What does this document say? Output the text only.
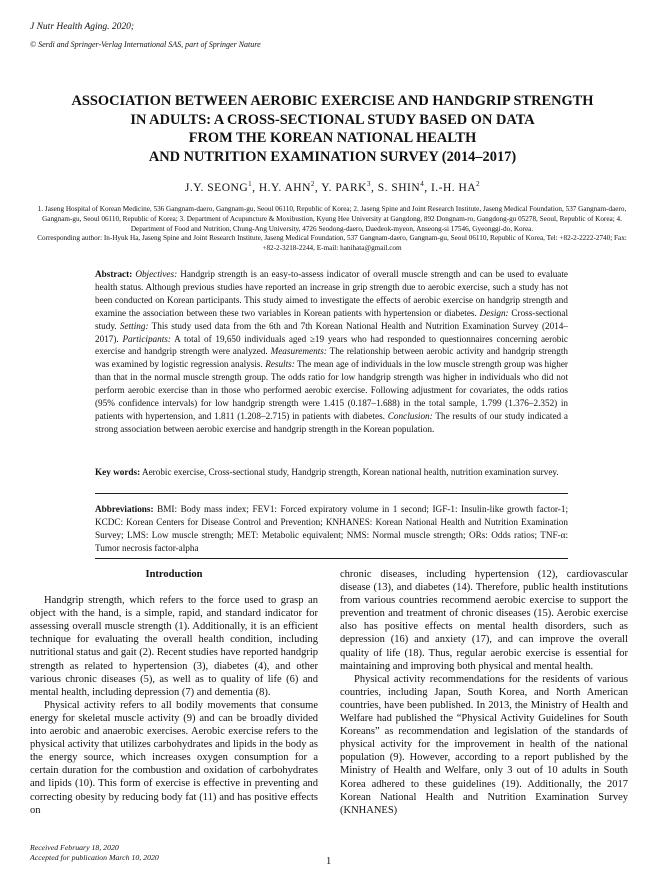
J Nutr Health Aging. 2020;
© Serdi and Springer-Verlag International SAS, part of Springer Nature
ASSOCIATION BETWEEN AEROBIC EXERCISE AND HANDGRIP STRENGTH
IN ADULTS: A CROSS-SECTIONAL STUDY BASED ON DATA
FROM THE KOREAN NATIONAL HEALTH
AND NUTRITION EXAMINATION SURVEY (2014–2017)
J.Y. SEONG$^1$, H.Y. AHN$^2$, Y. PARK$^3$, S. SHIN$^4$, I.-H. $HA^2$
1. Jaseng Hospital of Korean Medicine, 536 Gangnam-daero, Gangnam-gu, Seoul 06110, Republic of Korea; 2. Jaseng Spine and Joint Research Institute, Jaseng Medical Foundation, 537 Gangnam-daero, Gangnam-gu, Seoul 06110, Republic of Korea; 3. Department of Acupuncture & Moxibustion, Kyung Hee University at Gangdong, 892 Dongnam-ro, Gangdong-gu 05278, Seoul, Republic of Korea; 4. Department of Food and Nutrition, Chung-Ang University, 4726 Seodong-daero, Daedeok-myeon, Anseong-si 17546, Gyeonggi-do, Korea.
Corresponding author: In-Hyuk Ha, Jaseng Spine and Joint Research Institute, Jaseng Medical Foundation, 537 Gangnam-daero, Gangnam-gu, Seoul 06110, Republic of Korea, Tel: +82-2-2222-2740; Fax: +82-2-3218-2244, E-mail: hanihata@gmail.com
Abstract: Objectives: Handgrip strength is an easy-to-assess indicator of overall muscle strength and can be used to evaluate health status. Although previous studies have reported an increase in grip strength due to aerobic exercise, such a study has not been conducted on Korean participants. This study aimed to investigate the effects of aerobic exercise on handgrip strength and examine the association between these two variables in Korean patients with hypertension or diabetes. Design: Cross-sectional study. Setting: This study used data from the 6th and 7th Korean National Health and Nutrition Examination Survey (2014–2017). Participants: A total of 19,650 individuals aged ≥19 years who had responded to questionnaires concerning aerobic exercise and handgrip strength were analyzed. Measurements: The relationship between aerobic activity and handgrip strength was examined by logistic regression analysis. Results: The mean age of individuals in the low muscle strength group was higher than that in the normal muscle strength group. The odds ratio for low handgrip strength was higher in individuals who did not perform aerobic exercise than in those who performed aerobic exercise. Following adjustment for covariates, the odds ratios (95% confidence intervals) for low handgrip strength were 1.415 (0.187–1.688) in the total sample, 1.799 (1.376–2.352) in patients with hypertension, and 1.811 (1.208–2.715) in patients with diabetes. Conclusion: The results of our study indicated a strong association between aerobic exercise and handgrip strength in the Korean population.
Key words: Aerobic exercise, Cross-sectional study, Handgrip strength, Korean national health, nutrition examination survey.
Abbreviations: BMI: Body mass index; FEV1: Forced expiratory volume in 1 second; IGF-1: Insulin-like growth factor-1; KCDC: Korean Centers for Disease Control and Prevention; KNHANES: Korean National Health and Nutrition Examination Survey; LMS: Low muscle strength; MET: Metabolic equivalent; NMS: Normal muscle strength; ORs: Odds ratios; TNF-α: Tumor necrosis factor-alpha
Introduction

Handgrip strength, which refers to the force used to grasp an object with the hand, is a simple, rapid, and standard indicator for assessing overall muscle strength (1). Additionally, it is an efficient technique for evaluating the overall health condition, including nutritional status and gait (2). Recent studies have reported handgrip strength as related to hypertension (3), diabetes (4), and other various chronic diseases (5), as well as to quality of life (6) and mental health, including depression (7) and dementia (8).

Physical activity refers to all bodily movements that consume energy for skeletal muscle activity (9) and can be broadly divided into aerobic and anaerobic exercises. Aerobic exercise refers to the physical activity that utilizes carbohydrates and lipids in the body as the energy source, which increases oxygen consumption for a certain duration for the combustion and oxidation of carbohydrates and lipids (10). This form of exercise is effective in preventing and correcting obesity by reducing body fat (11) and has positive effects on

chronic diseases, including hypertension (12), cardiovascular disease (13), and diabetes (14). Therefore, public health institutions from various countries recommend aerobic exercise to support the prevention and treatment of chronic diseases (15). Aerobic exercise also has positive effects on mental health disorders, such as depression (16) and anxiety (17), and can improve the overall quality of life (18). Thus, regular aerobic exercise is essential for maintaining and improving both physical and mental health.

Physical activity recommendations for the residents of various countries, including Japan, South Korea, and North American countries, have been published. In 2013, the Ministry of Health and Welfare had published the “Physical Activity Guidelines for South Koreans” as recommendation and legislation of the standards of physical activity for the improvement in health of the national population (9). However, according to a report published by the Ministry of Health and Welfare, only 3 out of 10 adults in South Korea adhered to these guidelines (19). Additionally, the 2017 Korean National Health and Nutrition Examination Survey (KNHANES)

Received February 18, 2020
Accepted for publication March 10, 2020	1
